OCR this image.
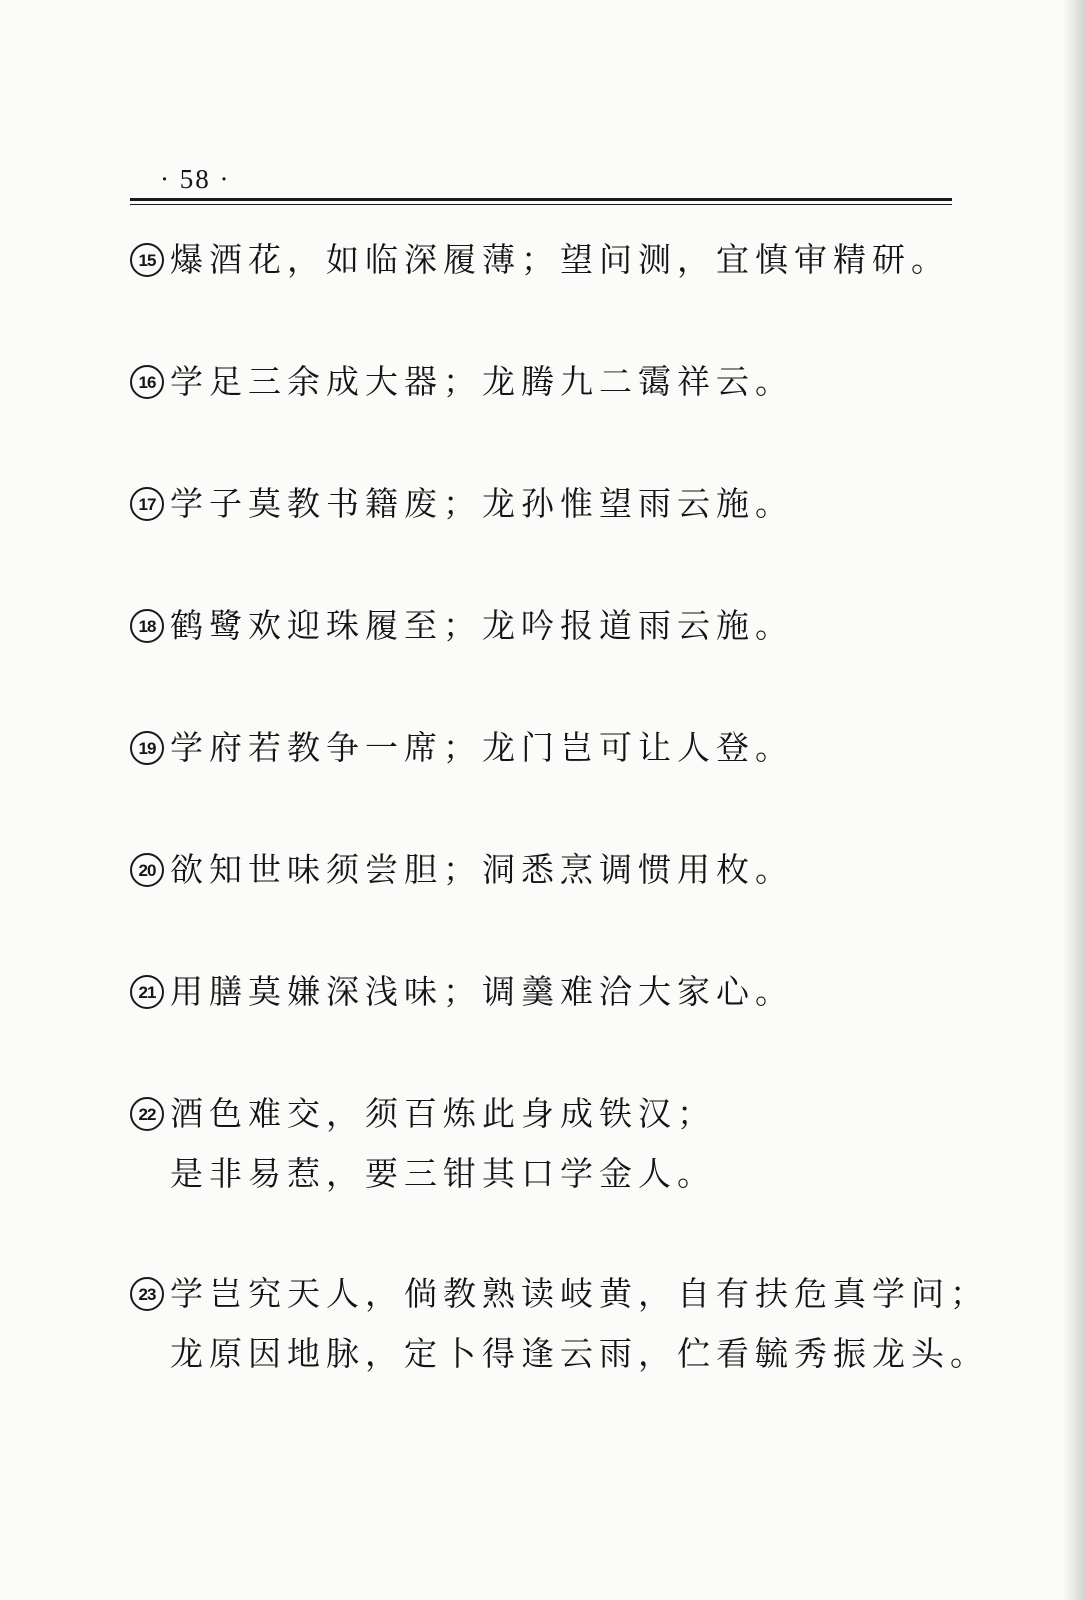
· 58 ·
15 爆酒花，如临深履薄；望问测，宜慎审精研。
16 学足三余成大器；龙腾九二霭祥云。
17 学子莫教书籍废；龙孙惟望雨云施。
18 鹤鹭欢迎珠履至；龙吟报道雨云施。
19 学府若教争一席；龙门岂可让人登。
20 欲知世味须尝胆；洞悉烹调惯用枚。
21 用膳莫嫌深浅味；调羹难洽大家心。
22 酒色难交，须百炼此身成铁汉；
是非易惹，要三钳其口学金人。
23 学岂究天人，倘教熟读岐黄，自有扶危真学问；
龙原因地脉，定卜得逢云雨，伫看毓秀振龙头。
